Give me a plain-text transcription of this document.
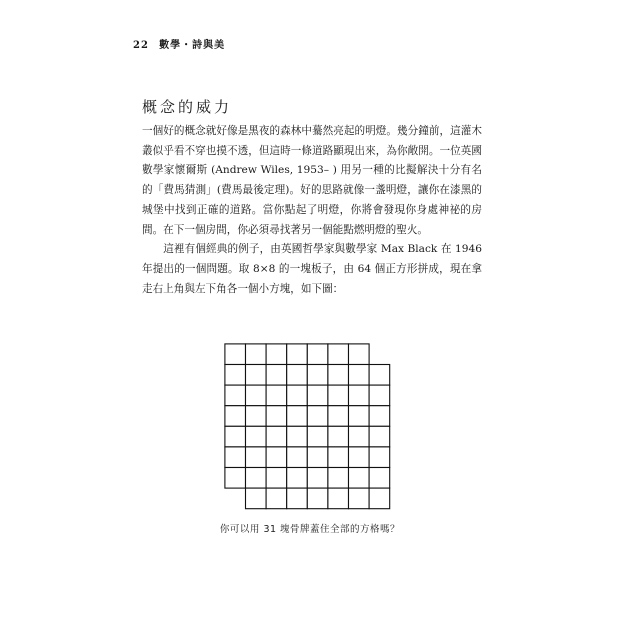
22 數學・詩與美
概念的威力

一個好的概念就好像是黑夜的森林中驀然亮起的明燈。幾分鐘前，這灌木叢似乎看不穿也摸不透，但這時一條道路顯現出來，為你敞開。一位英國數學家懷爾斯 (Andrew Wiles, 1953– ) 用另一種的比擬解決十分有名的「費馬猜測」(費馬最後定理)。好的思路就像一盞明燈，讓你在漆黑的城堡中找到正確的道路。當你點起了明燈，你將會發現你身處神祕的房間。在下一個房間，你必須尋找著另一個能點燃明燈的聖火。

這裡有個經典的例子，由英國哲學家與數學家 Max Black 在 1946 年提出的一個問題。取 8×8 的一塊板子，由 64 個正方形拼成，現在拿走右上角與左下角各一個小方塊，如下圖：

你可以用 31 塊骨牌蓋住全部的方格嗎？
